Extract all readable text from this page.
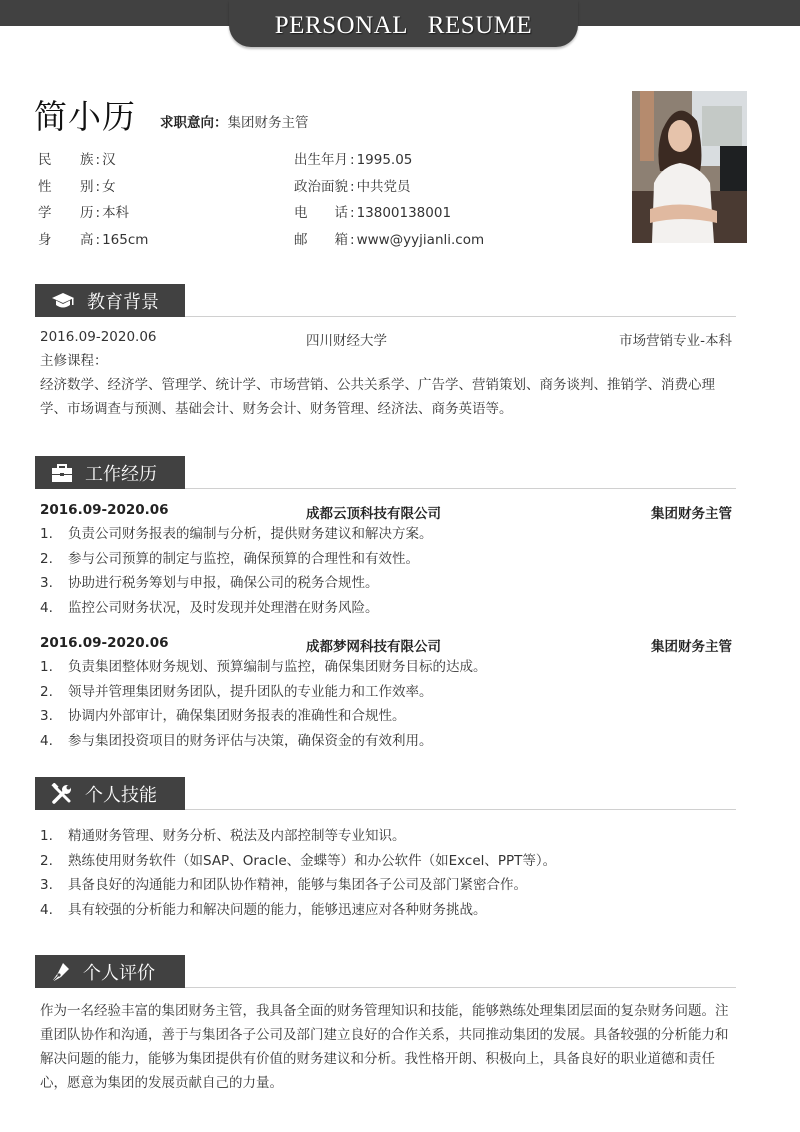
PERSONAL RESUME
简小历 求职意向：集团财务主管
民 族 : 汉
性 别 : 女
学 历 : 本科
身 高 : 165cm
出生年月 : 1995.05
政治面貌 : 中共党员
电　　话 : 13800138001
邮　　箱 : www@yyjianli.com
教育背景
2016.09-2020.06	四川财经大学	市场营销专业-本科
主修课程：
经济数学、经济学、管理学、统计学、市场营销、公共关系学、广告学、营销策划、商务谈判、推销学、消费心理学、市场调查与预测、基础会计、财务会计、财务管理、经济法、商务英语等。
工作经历
2016.09-2020.06	成都云顶科技有限公司	集团财务主管
1. 负责公司财务报表的编制与分析，提供财务建议和解决方案。
2. 参与公司预算的制定与监控，确保预算的合理性和有效性。
3. 协助进行税务筹划与申报，确保公司的税务合规性。
4. 监控公司财务状况，及时发现并处理潜在财务风险。
2016.09-2020.06	成都梦网科技有限公司	集团财务主管
1. 负责集团整体财务规划、预算编制与监控，确保集团财务目标的达成。
2. 领导并管理集团财务团队，提升团队的专业能力和工作效率。
3. 协调内外部审计，确保集团财务报表的准确性和合规性。
4. 参与集团投资项目的财务评估与决策，确保资金的有效利用。
个人技能
1. 精通财务管理、财务分析、税法及内部控制等专业知识。
2. 熟练使用财务软件（如SAP、Oracle、金蝶等）和办公软件（如Excel、PPT等）。
3. 具备良好的沟通能力和团队协作精神，能够与集团各子公司及部门紧密合作。
4. 具有较强的分析能力和解决问题的能力，能够迅速应对各种财务挑战。
个人评价
作为一名经验丰富的集团财务主管，我具备全面的财务管理知识和技能，能够熟练处理集团层面的复杂财务问题。注重团队协作和沟通，善于与集团各子公司及部门建立良好的合作关系，共同推动集团的发展。具备较强的分析能力和解决问题的能力，能够为集团提供有价值的财务建议和分析。我性格开朗、积极向上，具备良好的职业道德和责任心，愿意为集团的发展贡献自己的力量。
